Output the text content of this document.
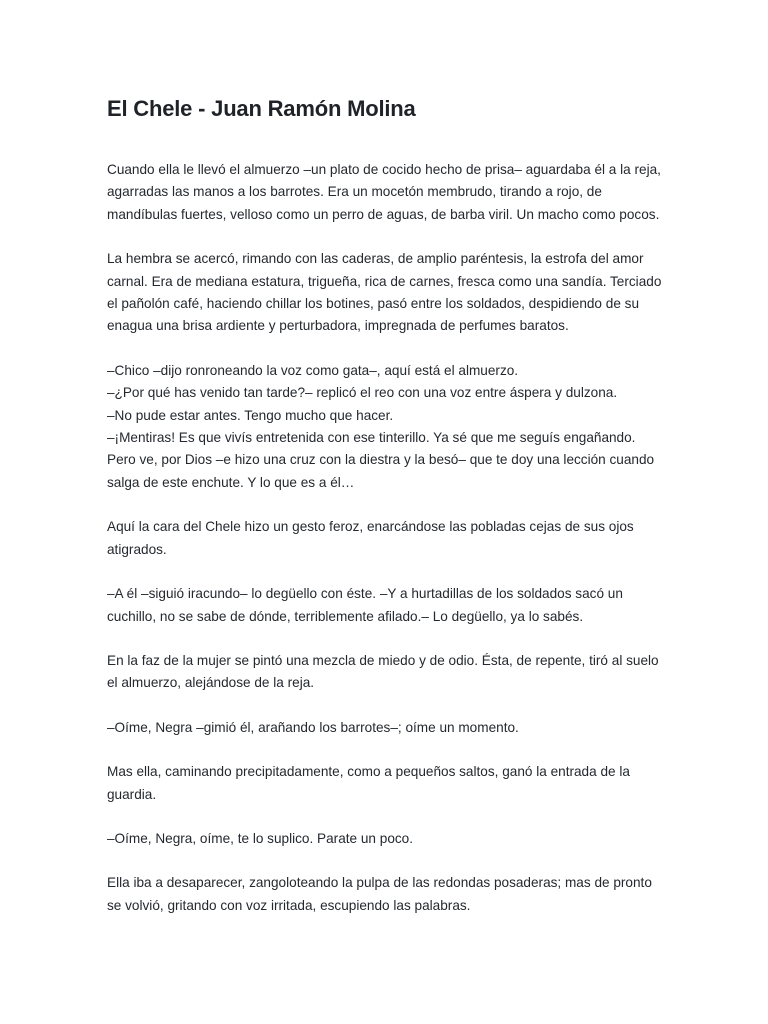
El Chele - Juan Ramón Molina

Cuando ella le llevó el almuerzo –un plato de cocido hecho de prisa– aguardaba él a la reja, agarradas las manos a los barrotes. Era un mocetón membrudo, tirando a rojo, de mandíbulas fuertes, velloso como un perro de aguas, de barba viril. Un macho como pocos.

La hembra se acercó, rimando con las caderas, de amplio paréntesis, la estrofa del amor carnal. Era de mediana estatura, trigueña, rica de carnes, fresca como una sandía. Terciado el pañolón café, haciendo chillar los botines, pasó entre los soldados, despidiendo de su enagua una brisa ardiente y perturbadora, impregnada de perfumes baratos.

–Chico –dijo ronroneando la voz como gata–, aquí está el almuerzo.

–¿Por qué has venido tan tarde?– replicó el reo con una voz entre áspera y dulzona.

–No pude estar antes. Tengo mucho que hacer.

–¡Mentiras! Es que vivís entretenida con ese tinterillo. Ya sé que me seguís engañando. Pero ve, por Dios –e hizo una cruz con la diestra y la besó– que te doy una lección cuando salga de este enchute. Y lo que es a él…

Aquí la cara del Chele hizo un gesto feroz, enarcándose las pobladas cejas de sus ojos atigrados.

–A él –siguió iracundo– lo degüello con éste. –Y a hurtadillas de los soldados sacó un cuchillo, no se sabe de dónde, terriblemente afilado.– Lo degüello, ya lo sabés.

En la faz de la mujer se pintó una mezcla de miedo y de odio. Ésta, de repente, tiró al suelo el almuerzo, alejándose de la reja.

–Oíme, Negra –gimió él, arañando los barrotes–; oíme un momento.

Mas ella, caminando precipitadamente, como a pequeños saltos, ganó la entrada de la guardia.

–Oíme, Negra, oíme, te lo suplico. Parate un poco.

Ella iba a desaparecer, zangoloteando la pulpa de las redondas posaderas; mas de pronto se volvió, gritando con voz irritada, escupiendo las palabras.
